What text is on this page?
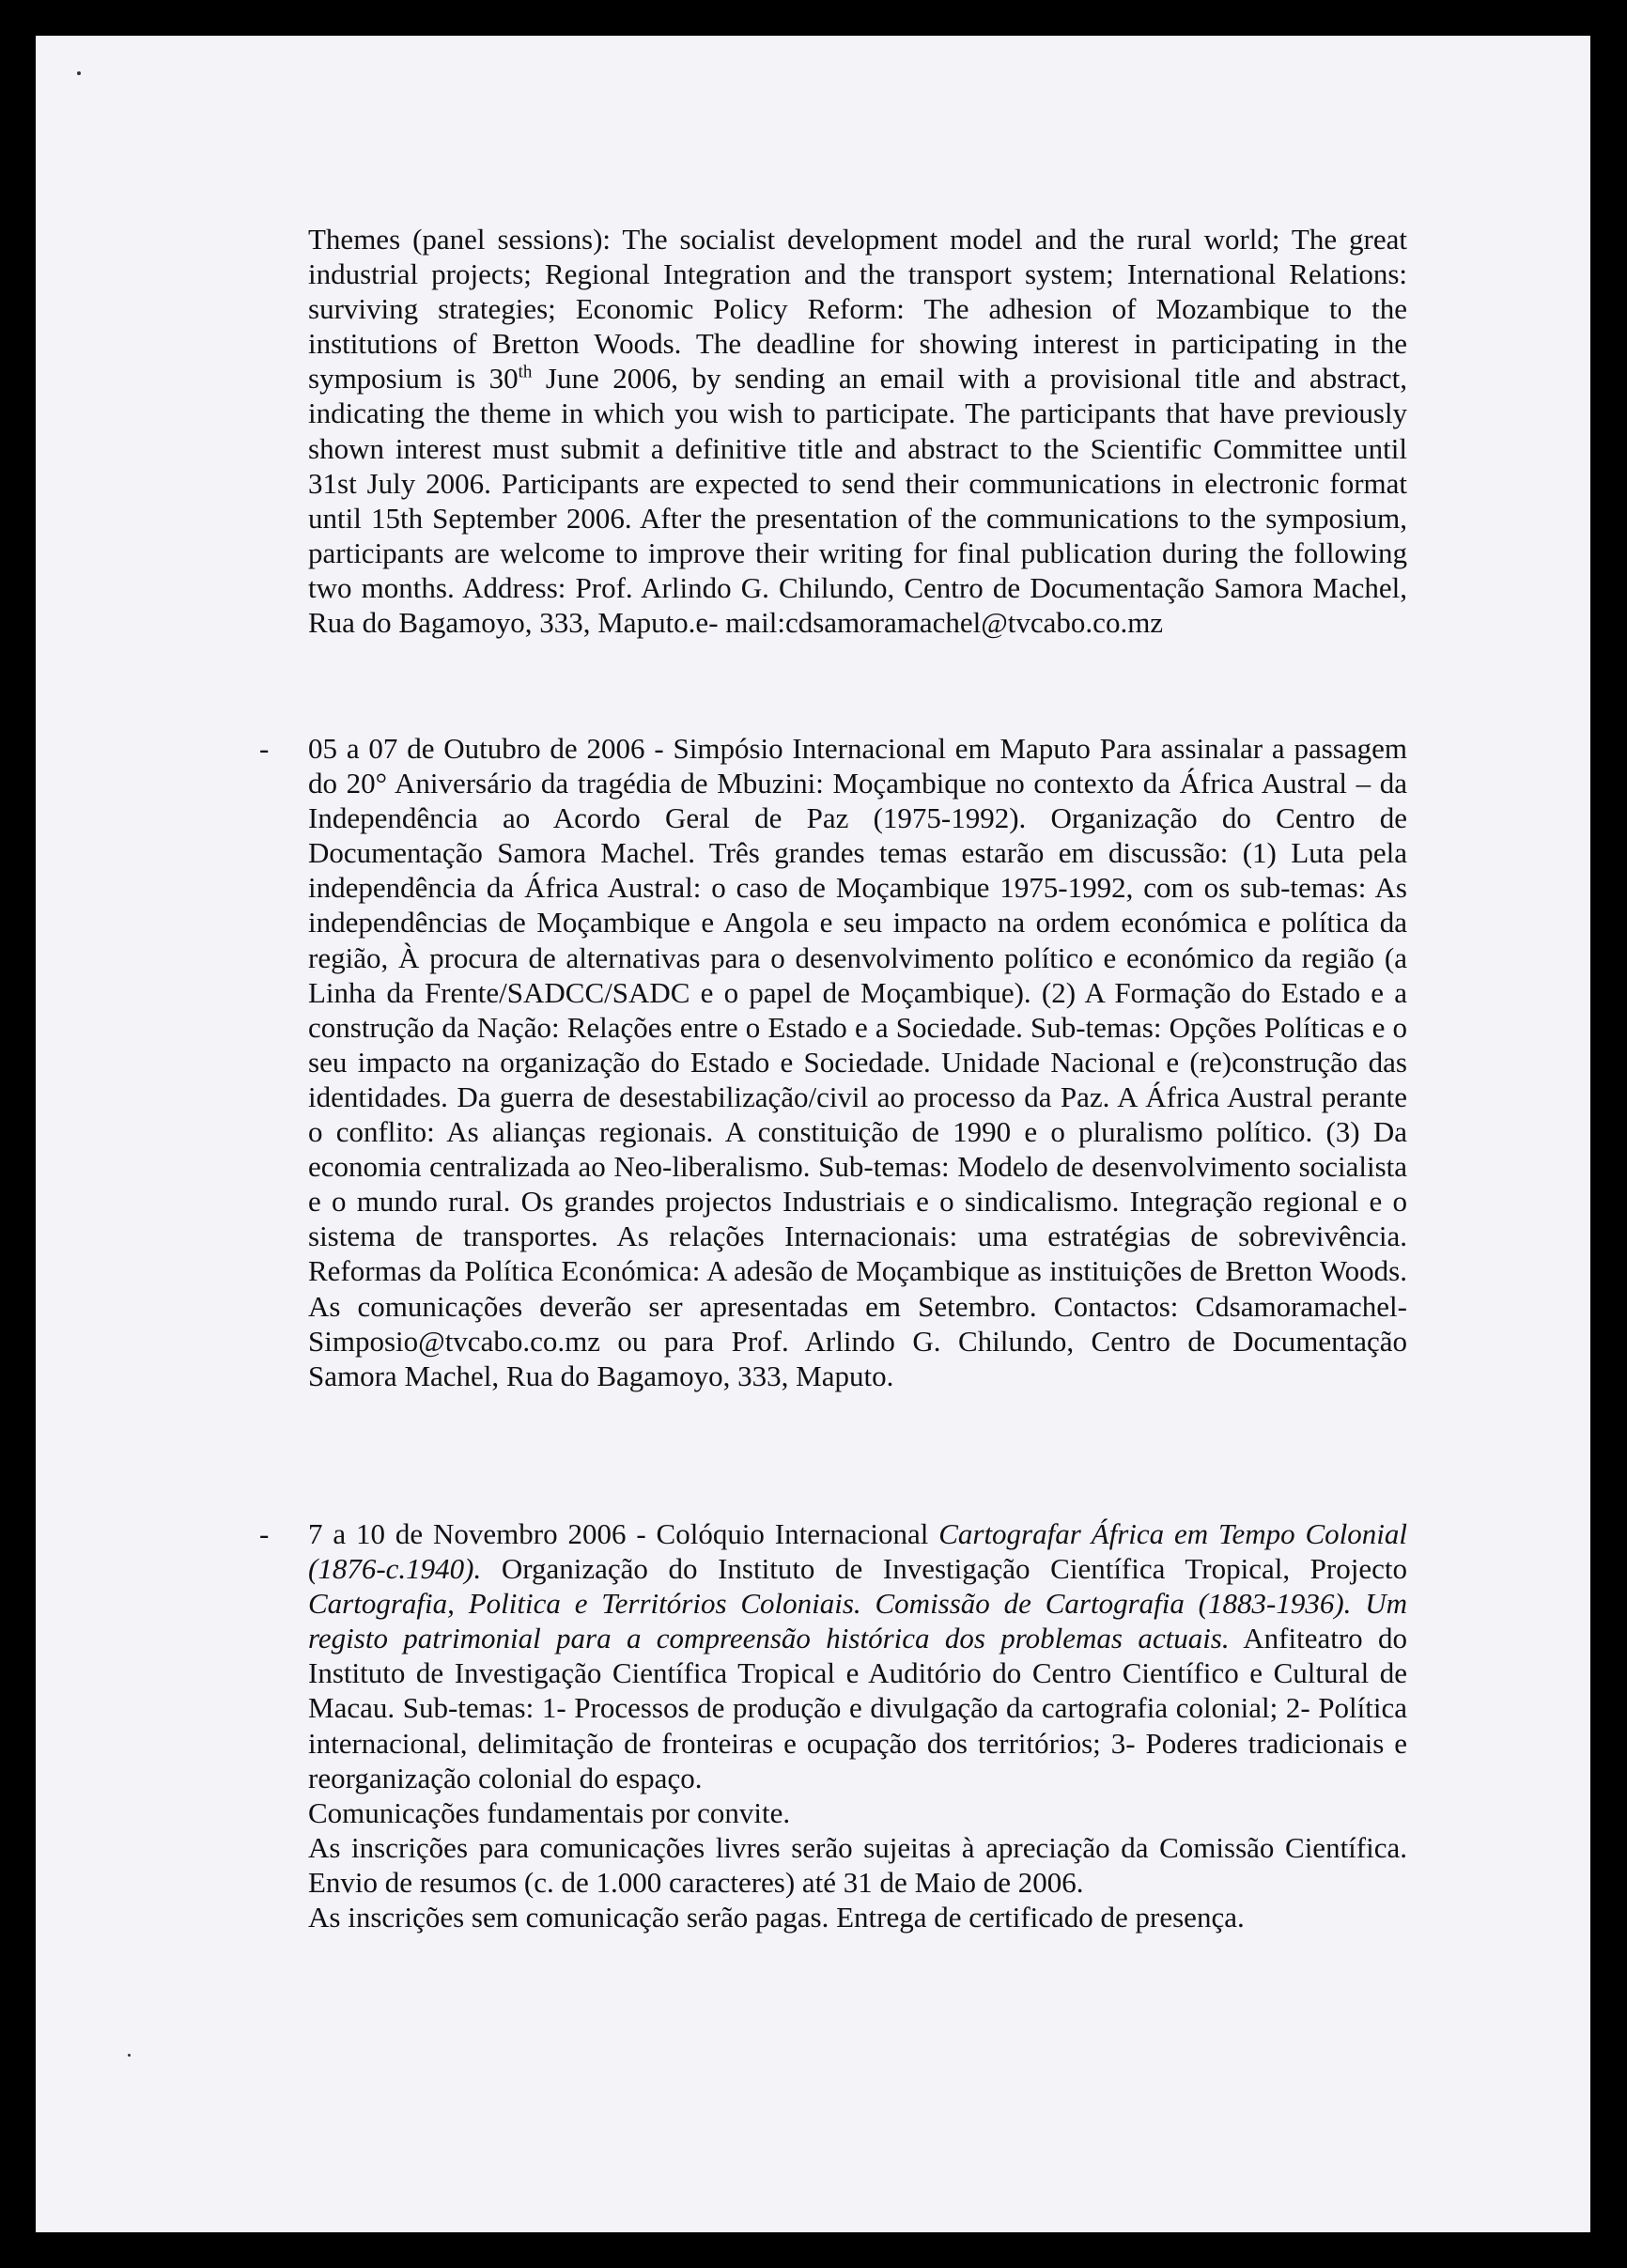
Themes (panel sessions): The socialist development model and the rural world; The great industrial projects; Regional Integration and the transport system; International Relations: surviving strategies; Economic Policy Reform: The adhesion of Mozambique to the institutions of Bretton Woods. The deadline for showing interest in participating in the symposium is 30th June 2006, by sending an email with a provisional title and abstract, indicating the theme in which you wish to participate. The participants that have previously shown interest must submit a definitive title and abstract to the Scientific Committee until 31st July 2006. Participants are expected to send their communications in electronic format until 15th September 2006. After the presentation of the communications to the symposium, participants are welcome to improve their writing for final publication during the following two months. Address: Prof. Arlindo G. Chilundo, Centro de Documentação Samora Machel, Rua do Bagamoyo, 333, Maputo.e- mail:cdsamoramachel@tvcabo.co.mz
- 05 a 07 de Outubro de 2006 - Simpósio Internacional em Maputo Para assinalar a passagem do 20° Aniversário da tragédia de Mbuzini: Moçambique no contexto da África Austral – da Independência ao Acordo Geral de Paz (1975-1992). Organização do Centro de Documentação Samora Machel. Três grandes temas estarão em discussão: (1) Luta pela independência da África Austral: o caso de Moçambique 1975-1992, com os sub-temas: As independências de Moçambique e Angola e seu impacto na ordem económica e política da região, À procura de alternativas para o desenvolvimento político e económico da região (a Linha da Frente/SADCC/SADC e o papel de Moçambique). (2) A Formação do Estado e a construção da Nação: Relações entre o Estado e a Sociedade. Sub-temas: Opções Políticas e o seu impacto na organização do Estado e Sociedade. Unidade Nacional e (re)construção das identidades. Da guerra de desestabilização/civil ao processo da Paz. A África Austral perante o conflito: As alianças regionais. A constituição de 1990 e o pluralismo político. (3) Da economia centralizada ao Neo-liberalismo. Sub-temas: Modelo de desenvolvimento socialista e o mundo rural. Os grandes projectos Industriais e o sindicalismo. Integração regional e o sistema de transportes. As relações Internacionais: uma estratégias de sobrevivência. Reformas da Política Económica: A adesão de Moçambique as instituições de Bretton Woods. As comunicações deverão ser apresentadas em Setembro. Contactos: Cdsamoramachel-Simposio@tvcabo.co.mz ou para Prof. Arlindo G. Chilundo, Centro de Documentação Samora Machel, Rua do Bagamoyo, 333, Maputo.
- 7 a 10 de Novembro 2006 - Colóquio Internacional Cartografar África em Tempo Colonial (1876-c.1940). Organização do Instituto de Investigação Científica Tropical, Projecto Cartografia, Politica e Territórios Coloniais. Comissão de Cartografia (1883-1936). Um registo patrimonial para a compreensão histórica dos problemas actuais. Anfiteatro do Instituto de Investigação Científica Tropical e Auditório do Centro Científico e Cultural de Macau. Sub-temas: 1- Processos de produção e divulgação da cartografia colonial; 2- Política internacional, delimitação de fronteiras e ocupação dos territórios; 3- Poderes tradicionais e reorganização colonial do espaço.
Comunicações fundamentais por convite.
As inscrições para comunicações livres serão sujeitas à apreciação da Comissão Científica. Envio de resumos (c. de 1.000 caracteres) até 31 de Maio de 2006.
As inscrições sem comunicação serão pagas. Entrega de certificado de presença.
